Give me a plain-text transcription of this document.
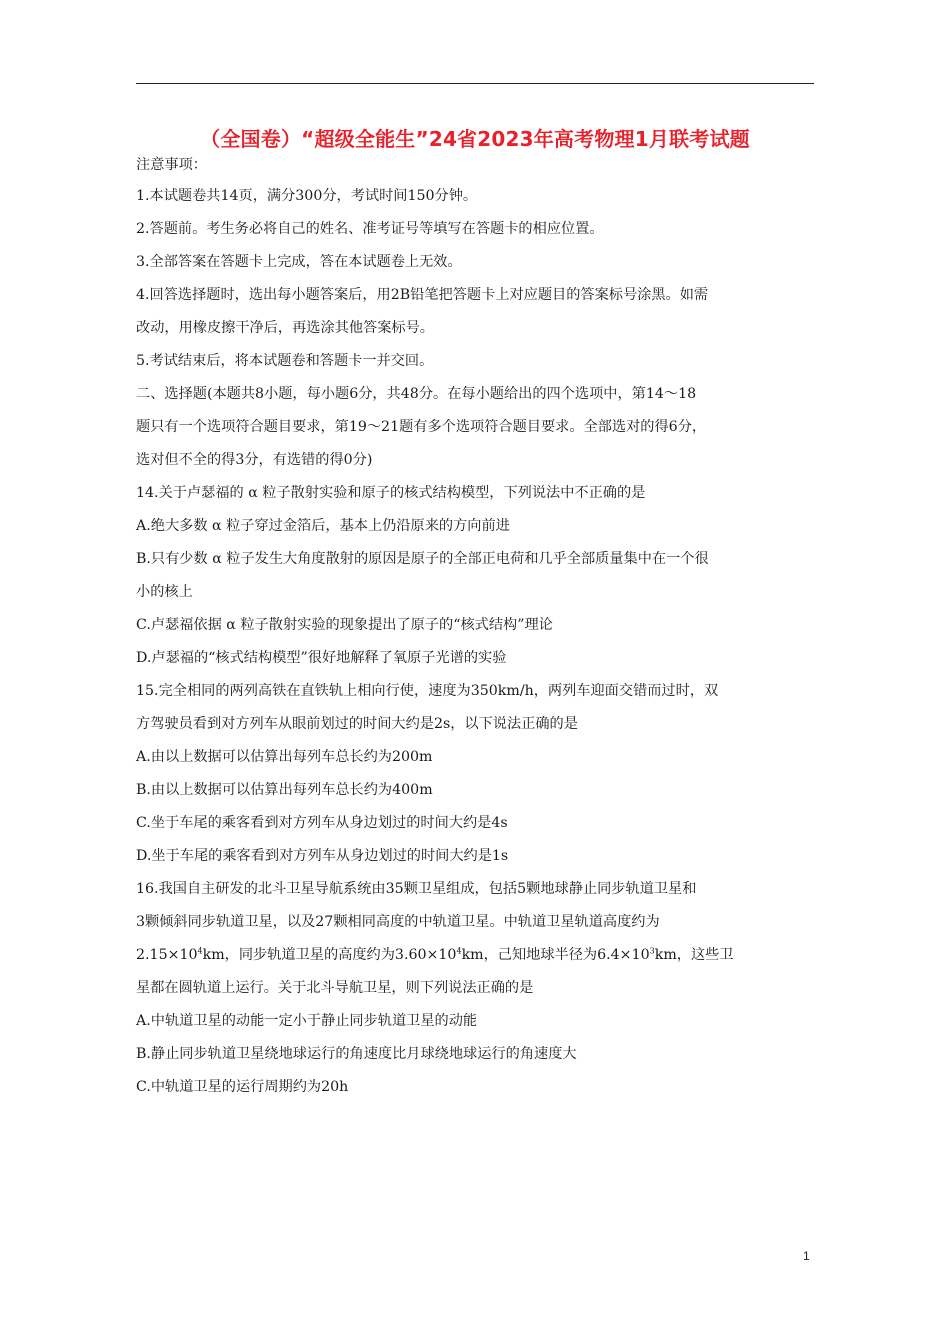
（全国卷）“超级全能生”24省2023年高考物理1月联考试题
注意事项：
1.本试题卷共14页，满分300分，考试时间150分钟。
2.答题前。考生务必将自己的姓名、准考证号等填写在答题卡的相应位置。
3.全部答案在答题卡上完成，答在本试题卷上无效。
4.回答选择题时，选出每小题答案后，用2B铅笔把答题卡上对应题目的答案标号涂黑。如需
改动，用橡皮擦干净后，再选涂其他答案标号。
5.考试结束后，将本试题卷和答题卡一并交回。
二、选择题(本题共8小题，每小题6分，共48分。在每小题给出的四个选项中，第14～18
题只有一个选项符合题目要求，第19～21题有多个选项符合题目要求。全部选对的得6分，
选对但不全的得3分，有选错的得0分)
14.关于卢瑟福的 α 粒子散射实验和原子的核式结构模型，下列说法中不正确的是
A.绝大多数 α 粒子穿过金箔后，基本上仍沿原来的方向前进
B.只有少数 α 粒子发生大角度散射的原因是原子的全部正电荷和几乎全部质量集中在一个很
小的核上
C.卢瑟福依据 α 粒子散射实验的现象提出了原子的“核式结构”理论
D.卢瑟福的“核式结构模型”很好地解释了氧原子光谱的实验
15.完全相同的两列高铁在直铁轨上相向行使，速度为350km/h，两列车迎面交错而过时，双
方驾驶员看到对方列车从眼前划过的时间大约是2s，以下说法正确的是
A.由以上数据可以估算出每列车总长约为200m
B.由以上数据可以估算出每列车总长约为400m
C.坐于车尾的乘客看到对方列车从身边划过的时间大约是4s
D.坐于车尾的乘客看到对方列车从身边划过的时间大约是1s
16.我国自主研发的北斗卫星导航系统由35颗卫星组成，包括5颗地球静止同步轨道卫星和
3颗倾斜同步轨道卫星，以及27颗相同高度的中轨道卫星。中轨道卫星轨道高度约为
$2.15\times 10^4km$，同步轨道卫星的高度约为$3.60\times 10^4km$，己知地球半径为$6.4\times 10^3km$，这些卫
星都在圆轨道上运行。关于北斗导航卫星，则下列说法正确的是
A.中轨道卫星的动能一定小于静止同步轨道卫星的动能
B.静止同步轨道卫星绕地球运行的角速度比月球绕地球运行的角速度大
C.中轨道卫星的运行周期约为20h
1
